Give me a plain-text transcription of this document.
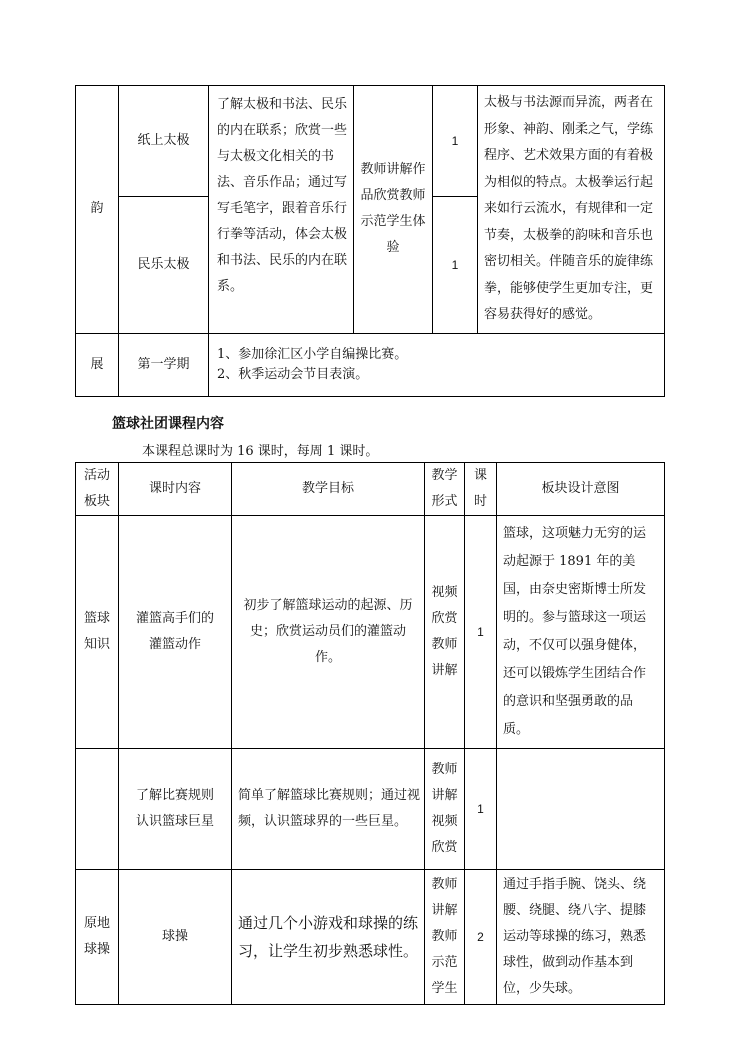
韵	纸上太极	了解太极和书法、民乐的内在联系；欣赏一些与太极文化相关的书法、音乐作品；通过写写毛笔字，跟着音乐行行拳等活动，体会太极和书法、民乐的内在联系。	教师讲解作品欣赏教师示范学生体验	1	太极与书法源而异流，两者在形象、神韵、刚柔之气，学练程序、艺术效果方面的有着极为相似的特点。太极拳运行起来如行云流水，有规律和一定节奏，太极拳的韵味和音乐也密切相关。伴随音乐的旋律练拳，能够使学生更加专注，更容易获得好的感觉。
	民乐太极			1	
展	第一学期	1、参加徐汇区小学自编操比赛。
2、秋季运动会节目表演。			
篮球社团课程内容
本课程总课时为 16 课时，每周 1 课时。
活动板块	课时内容	教学目标	教学形式	课时	板块设计意图
篮球知识	灌篮高手们的灌篮动作	初步了解篮球运动的起源、历史；欣赏运动员们的灌篮动作。	视频欣赏教师讲解	1	篮球，这项魅力无穷的运动起源于 1891 年的美国，由奈史密斯博士所发明的。参与篮球这一项运动，不仅可以强身健体，还可以锻炼学生团结合作的意识和坚强勇敢的品质。
	了解比赛规则认识篮球巨星	简单了解篮球比赛规则；通过视频，认识篮球界的一些巨星。	教师讲解视频欣赏	1	
原地球操	球操	通过几个小游戏和球操的练习，让学生初步熟悉球性。	教师讲解教师示范学生	2	通过手指手腕、饶头、绕腰、绕腿、绕八字、提膝运动等球操的练习，熟悉球性，做到动作基本到位，少失球。
